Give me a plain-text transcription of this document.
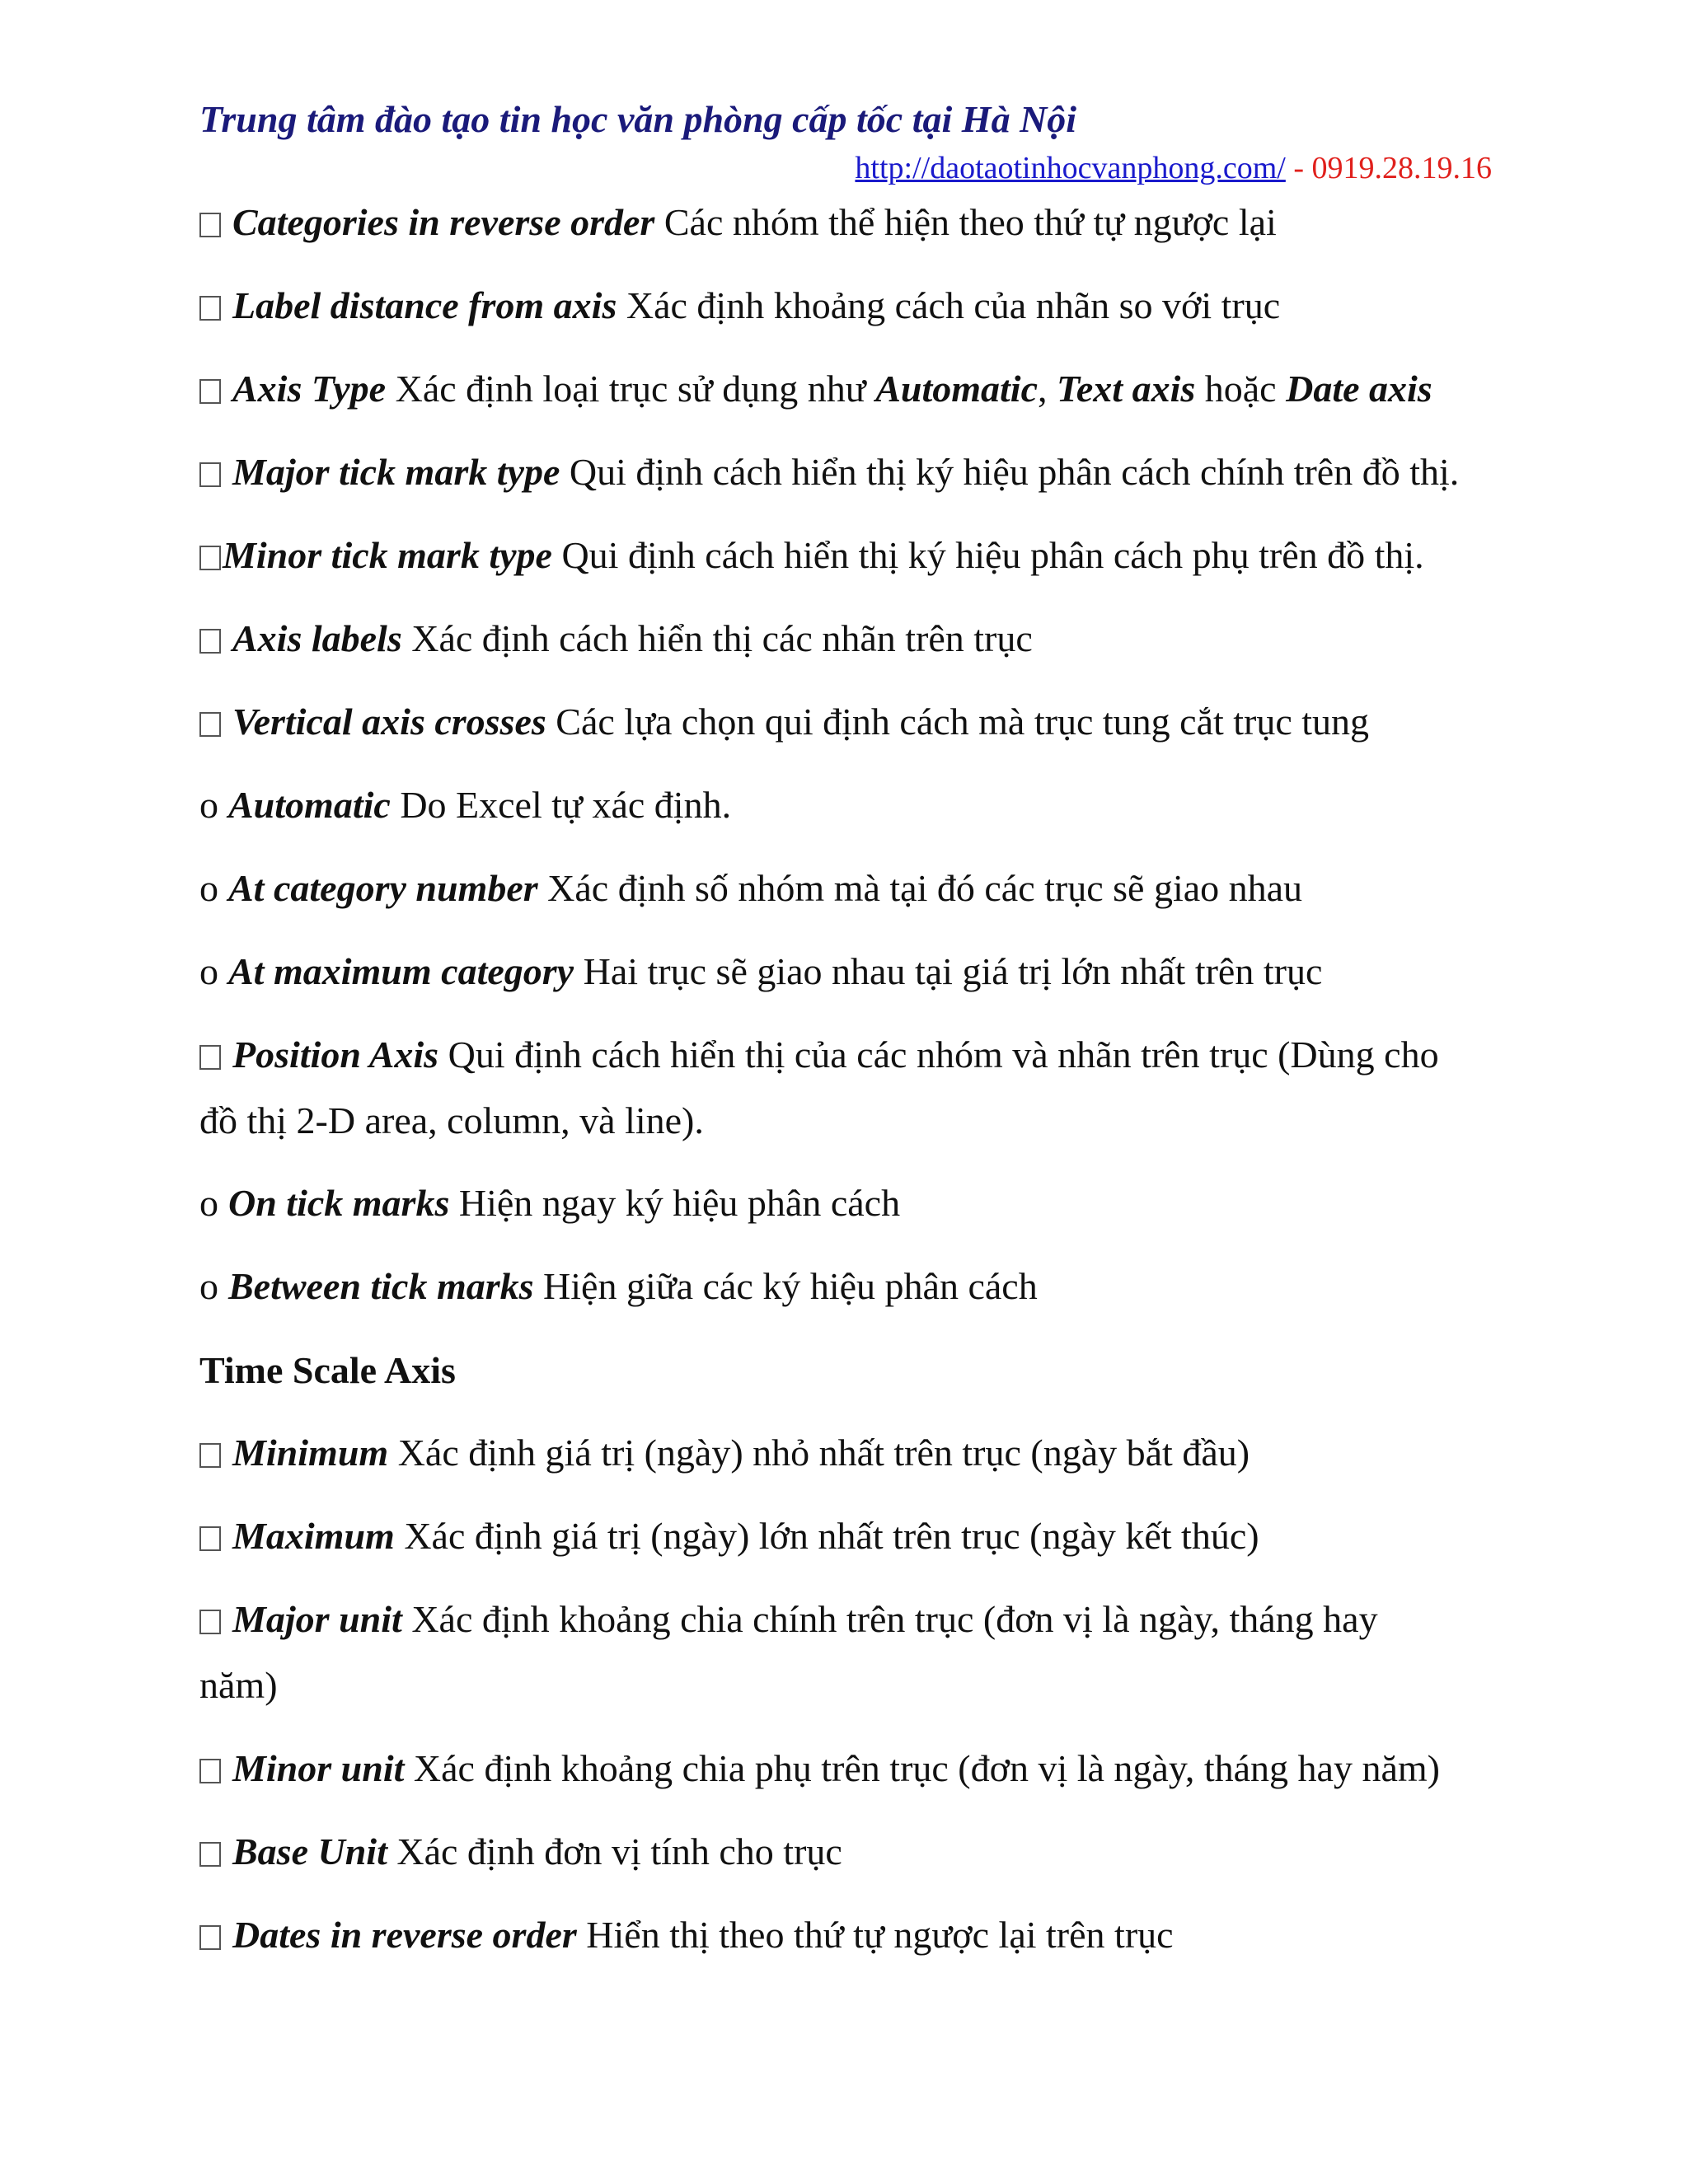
Trung tâm đào tạo tin học văn phòng cấp tốc tại Hà Nội
http://daotaotinhocvanphong.com/ - 0919.28.19.16
Categories in reverse order Các nhóm thể hiện theo thứ tự ngược lại
Label distance from axis Xác định khoảng cách của nhãn so với trục
Axis Type Xác định loại trục sử dụng như Automatic, Text axis hoặc Date axis
Major tick mark type Qui định cách hiển thị ký hiệu phân cách chính trên đồ thị.
Minor tick mark type Qui định cách hiển thị ký hiệu phân cách phụ trên đồ thị.
Axis labels Xác định cách hiển thị các nhãn trên trục
Vertical axis crosses Các lựa chọn qui định cách mà trục tung cắt trục tung
o Automatic Do Excel tự xác định.
o At category number Xác định số nhóm mà tại đó các trục sẽ giao nhau
o At maximum category Hai trục sẽ giao nhau tại giá trị lớn nhất trên trục
Position Axis Qui định cách hiển thị của các nhóm và nhãn trên trục (Dùng cho
đồ thị 2-D area, column, và line).
o On tick marks Hiện ngay ký hiệu phân cách
o Between tick marks Hiện giữa các ký hiệu phân cách
Time Scale Axis
Minimum Xác định giá trị (ngày) nhỏ nhất trên trục (ngày bắt đầu)
Maximum Xác định giá trị (ngày) lớn nhất trên trục (ngày kết thúc)
Major unit Xác định khoảng chia chính trên trục (đơn vị là ngày, tháng hay
năm)
Minor unit Xác định khoảng chia phụ trên trục (đơn vị là ngày, tháng hay năm)
Base Unit Xác định đơn vị tính cho trục
Dates in reverse order Hiển thị theo thứ tự ngược lại trên trục
